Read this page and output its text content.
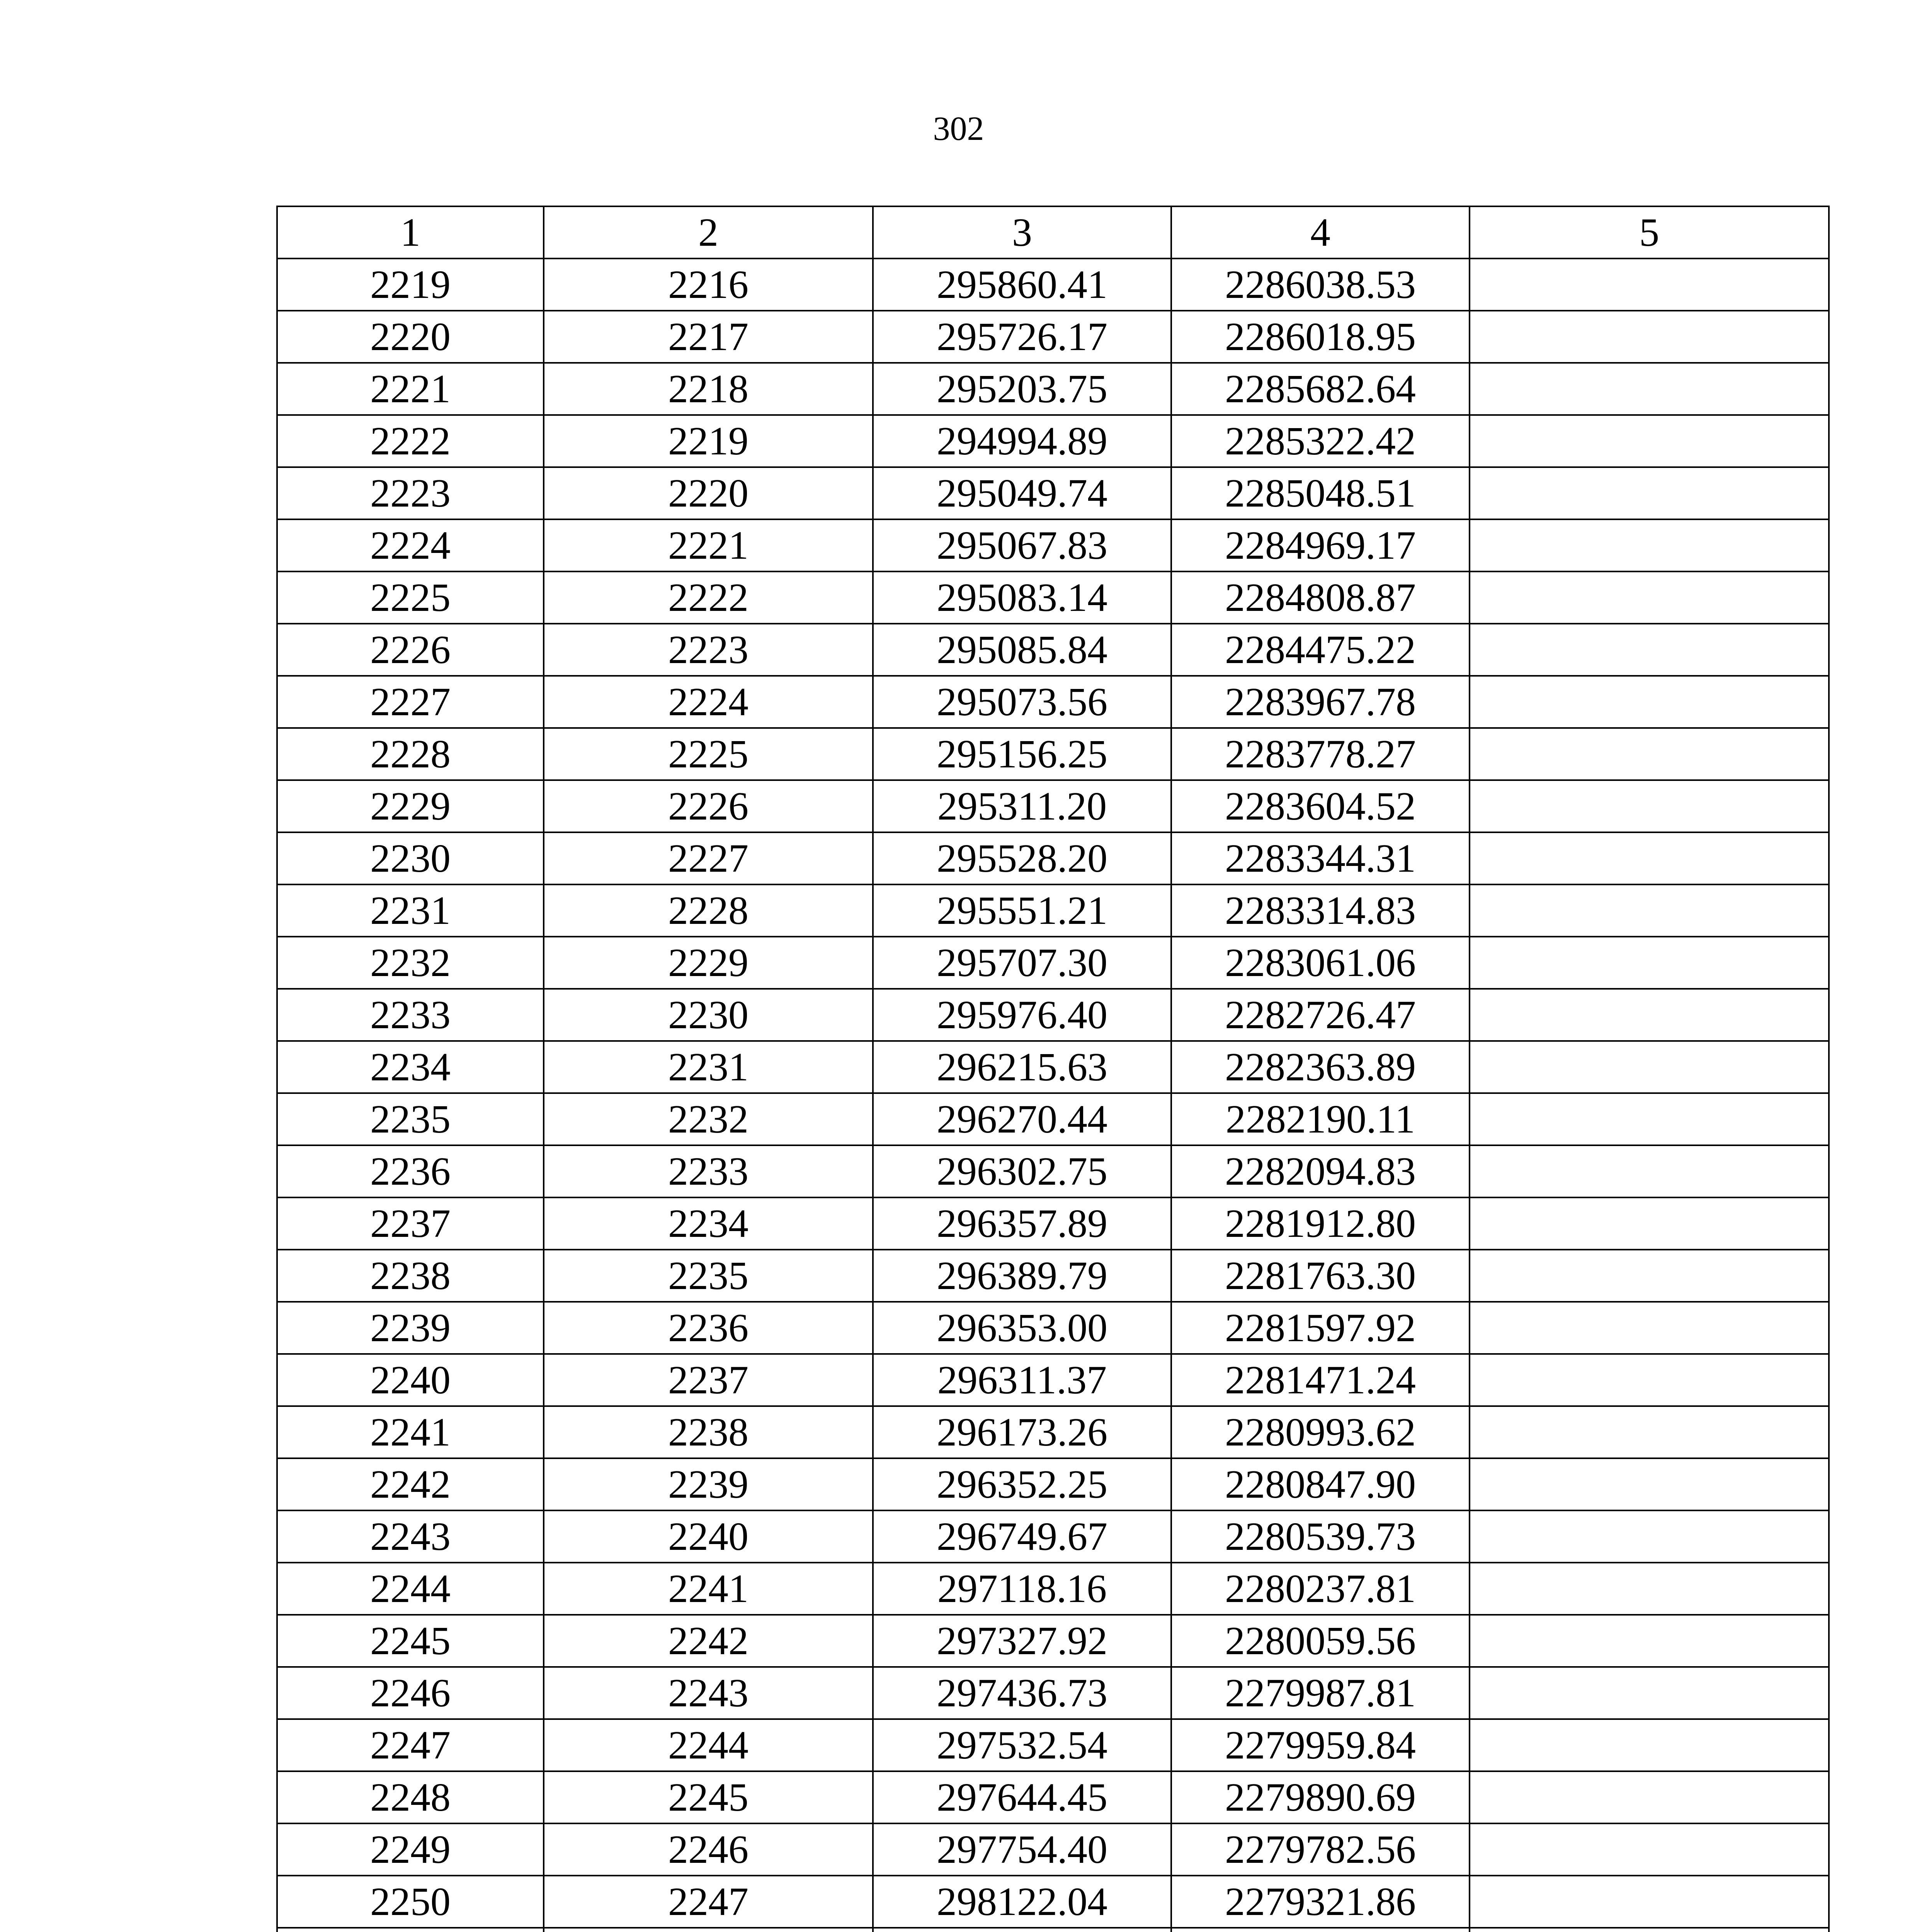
302
1	2	3	4	5
2219	2216	295860.41	2286038.53	
2220	2217	295726.17	2286018.95	
2221	2218	295203.75	2285682.64	
2222	2219	294994.89	2285322.42	
2223	2220	295049.74	2285048.51	
2224	2221	295067.83	2284969.17	
2225	2222	295083.14	2284808.87	
2226	2223	295085.84	2284475.22	
2227	2224	295073.56	2283967.78	
2228	2225	295156.25	2283778.27	
2229	2226	295311.20	2283604.52	
2230	2227	295528.20	2283344.31	
2231	2228	295551.21	2283314.83	
2232	2229	295707.30	2283061.06	
2233	2230	295976.40	2282726.47	
2234	2231	296215.63	2282363.89	
2235	2232	296270.44	2282190.11	
2236	2233	296302.75	2282094.83	
2237	2234	296357.89	2281912.80	
2238	2235	296389.79	2281763.30	
2239	2236	296353.00	2281597.92	
2240	2237	296311.37	2281471.24	
2241	2238	296173.26	2280993.62	
2242	2239	296352.25	2280847.90	
2243	2240	296749.67	2280539.73	
2244	2241	297118.16	2280237.81	
2245	2242	297327.92	2280059.56	
2246	2243	297436.73	2279987.81	
2247	2244	297532.54	2279959.84	
2248	2245	297644.45	2279890.69	
2249	2246	297754.40	2279782.56	
2250	2247	298122.04	2279321.86	
